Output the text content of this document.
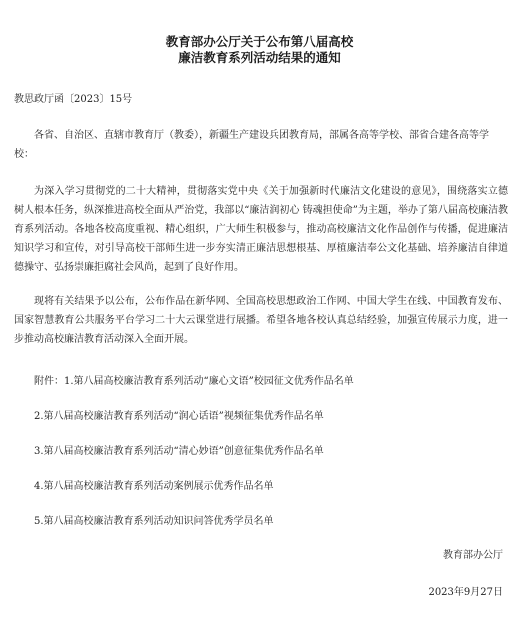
教育部办公厅关于公布第八届高校
廉洁教育系列活动结果的通知
教思政厅函〔2023〕15号
各省、自治区、直辖市教育厅（教委），新疆生产建设兵团教育局，部属各高等学校、部省合建各高等学校：
为深入学习贯彻党的二十大精神，贯彻落实党中央《关于加强新时代廉洁文化建设的意见》，围绕落实立德树人根本任务，纵深推进高校全面从严治党，我部以“廉洁润初心 铸魂担使命”为主题，举办了第八届高校廉洁教育系列活动。各地各校高度重视、精心组织，广大师生积极参与，推动高校廉洁文化作品创作与传播，促进廉洁知识学习和宣传，对引导高校干部师生进一步夯实清正廉洁思想根基、厚植廉洁奉公文化基础、培养廉洁自律道德操守、弘扬崇廉拒腐社会风尚，起到了良好作用。
现将有关结果予以公布，公布作品在新华网、全国高校思想政治工作网、中国大学生在线、中国教育发布、国家智慧教育公共服务平台学习二十大云课堂进行展播。希望各地各校认真总结经验，加强宣传展示力度，进一步推动高校廉洁教育活动深入全面开展。
附件：1.第八届高校廉洁教育系列活动“廉心文语”校园征文优秀作品名单
2.第八届高校廉洁教育系列活动“润心话语”视频征集优秀作品名单
3.第八届高校廉洁教育系列活动“清心妙语”创意征集优秀作品名单
4.第八届高校廉洁教育系列活动案例展示优秀作品名单
5.第八届高校廉洁教育系列活动知识问答优秀学员名单
教育部办公厅
2023年9月27日
